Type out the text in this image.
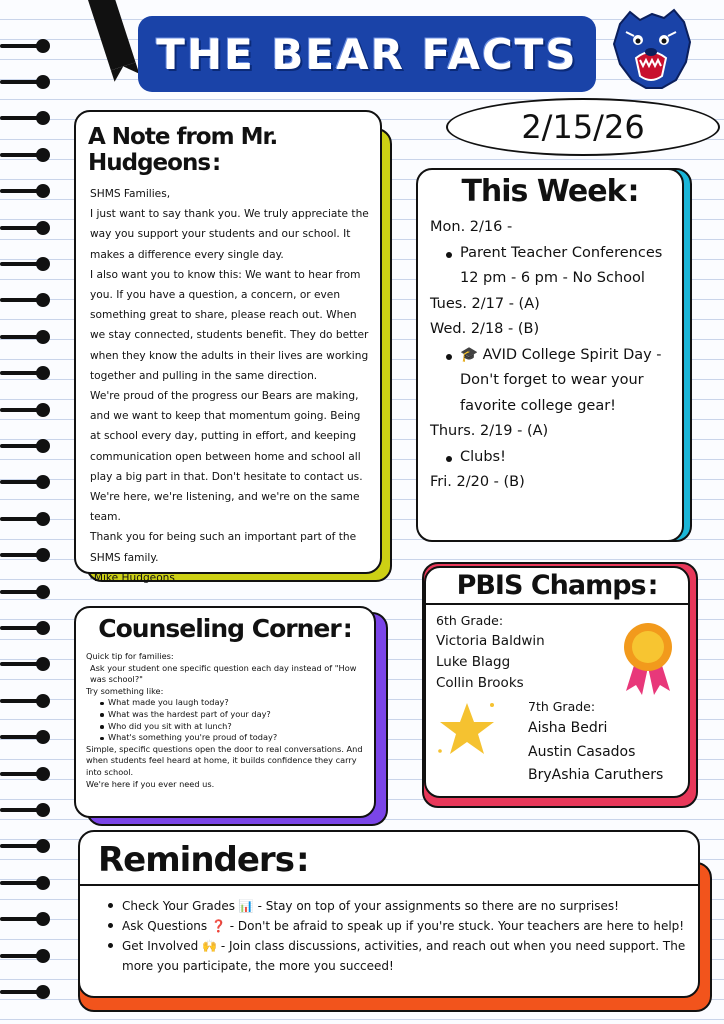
THE BEAR FACTS
2/15/26
A Note from Mr. Hudgeons:

SHMS Families,

I just want to say thank you. We truly appreciate the way you support your students and our school. It makes a difference every single day.

I also want you to know this: We want to hear from you. If you have a question, a concern, or even something great to share, please reach out. When we stay connected, students benefit. They do better when they know the adults in their lives are working together and pulling in the same direction.

We're proud of the progress our Bears are making, and we want to keep that momentum going. Being at school every day, putting in effort, and keeping communication open between home and school all play a big part in that. Don't hesitate to contact us. We're here, we're listening, and we're on the same team.

Thank you for being such an important part of the SHMS family.

-Mike Hudgeons

This Week:
Mon. 2/16 -
Parent Teacher Conferences
12 pm - 6 pm - No School
Tues. 2/17 - (A)
Wed. 2/18 - (B)
🎓 AVID College Spirit Day -
Don't forget to wear your
favorite college gear!
Thurs. 2/19 - (A)
Clubs!
Fri. 2/20 - (B)
PBIS Champs:
6th Grade:
Victoria Baldwin
Luke Blagg
Collin Brooks
7th Grade:
Aisha Bedri
Austin Casados
BryAshia Caruthers
Counseling Corner:
Quick tip for families:
Ask your student one specific question each day instead of "How was school?"
Try something like:
What made you laugh today?
What was the hardest part of your day?
Who did you sit with at lunch?
What's something you're proud of today?
Simple, specific questions open the door to real conversations. And when students feel heard at home, it builds confidence they carry into school.
We're here if you ever need us.
Reminders:
Check Your Grades 📊 - Stay on top of your assignments so there are no surprises!
Ask Questions ❓ - Don't be afraid to speak up if you're stuck. Your teachers are here to help!
Get Involved 🙌 - Join class discussions, activities, and reach out when you need support. The more you participate, the more you succeed!
